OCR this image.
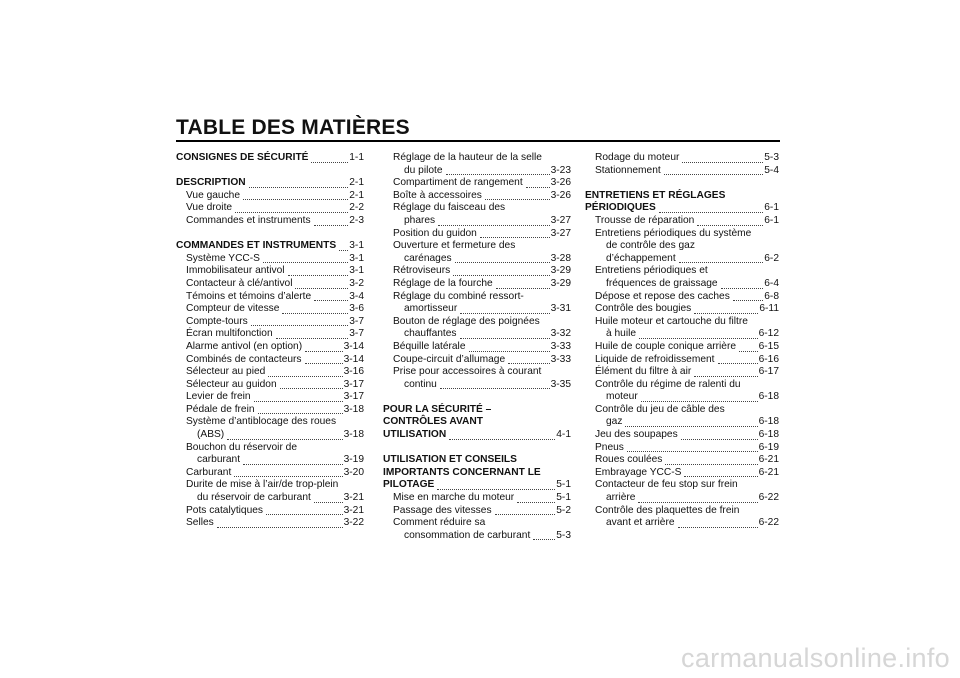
TABLE DES MATIÈRES
CONSIGNES DE SÉCURITÉ	1-1
DESCRIPTION	2-1
Vue gauche	2-1
Vue droite	2-2
Commandes et instruments	2-3
COMMANDES ET INSTRUMENTS 3-1
Système YCC-S	3-1
Immobilisateur antivol	3-1
Contacteur à clé/antivol	3-2
Témoins et témoins d’alerte	3-4
Compteur de vitesse	3-6
Compte-tours	3-7
Écran multifonction	3-7
Alarme antivol (en option)	3-14
Combinés de contacteurs	3-14
Sélecteur au pied	3-16
Sélecteur au guidon	3-17
Levier de frein	3-17
Pédale de frein	3-18
Système d’antiblocage des roues
(ABS)	3-18
Bouchon du réservoir de
carburant	3-19
Carburant	3-20
Durite de mise à l’air/de trop-plein
du réservoir de carburant	3-21
Pots catalytiques	3-21
Selles	3-22
Réglage de la hauteur de la selle
du pilote	3-23
Compartiment de rangement	3-26
Boîte à accessoires	3-26
Réglage du faisceau des
phares	3-27
Position du guidon	3-27
Ouverture et fermeture des
carénages	3-28
Rétroviseurs	3-29
Réglage de la fourche	3-29
Réglage du combiné ressort-
amortisseur	3-31
Bouton de réglage des poignées
chauffantes	3-32
Béquille latérale	3-33
Coupe-circuit d’allumage	3-33
Prise pour accessoires à courant
continu	3-35
POUR LA SÉCURITÉ –
CONTRÔLES AVANT
UTILISATION	4-1
UTILISATION ET CONSEILS
IMPORTANTS CONCERNANT LE
PILOTAGE	5-1
Mise en marche du moteur	5-1
Passage des vitesses	5-2
Comment réduire sa
consommation de carburant	5-3
Rodage du moteur	5-3
Stationnement	5-4
ENTRETIENS ET RÉGLAGES
PÉRIODIQUES	6-1
Trousse de réparation	6-1
Entretiens périodiques du système
de contrôle des gaz
d’échappement	6-2
Entretiens périodiques et
fréquences de graissage	6-4
Dépose et repose des caches	6-8
Contrôle des bougies	6-11
Huile moteur et cartouche du filtre
à huile	6-12
Huile de couple conique arrière 6-15
Liquide de refroidissement	6-16
Élément du filtre à air	6-17
Contrôle du régime de ralenti du
moteur	6-18
Contrôle du jeu de câble des
gaz	6-18
Jeu des soupapes	6-18
Pneus	6-19
Roues coulées	6-21
Embrayage YCC-S	6-21
Contacteur de feu stop sur frein
arrière	6-22
Contrôle des plaquettes de frein
avant et arrière	6-22
carmanualsonline.info
